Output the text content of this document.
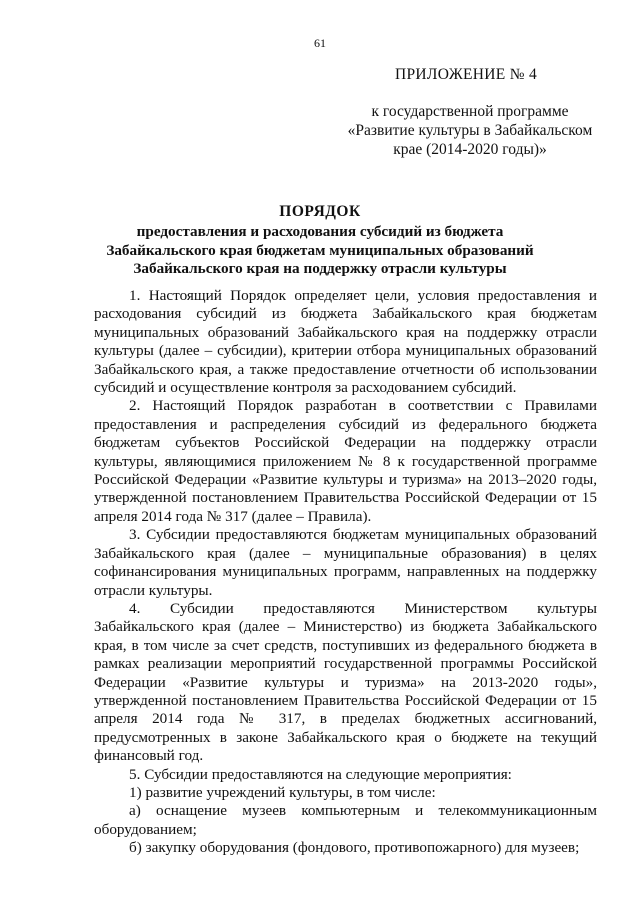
61
ПРИЛОЖЕНИЕ № 4
к государственной программе
«Развитие культуры в Забайкальском
крае (2014-2020 годы)»
ПОРЯДОК
предоставления и расходования субсидий из бюджета Забайкальского края бюджетам муниципальных образований Забайкальского края на поддержку отрасли культуры

1. Настоящий Порядок определяет цели, условия предоставления и расходования субсидий из бюджета Забайкальского края бюджетам муниципальных образований Забайкальского края на поддержку отрасли культуры (далее – субсидии), критерии отбора муниципальных образований Забайкальского края, а также предоставление отчетности об использовании субсидий и осуществление контроля за расходованием субсидий.

2. Настоящий Порядок разработан в соответствии с Правилами предоставления и распределения субсидий из федерального бюджета бюджетам субъектов Российской Федерации на поддержку отрасли культуры, являющимися приложением № 8 к государственной программе Российской Федерации «Развитие культуры и туризма» на 2013–2020 годы, утвержденной постановлением Правительства Российской Федерации от 15 апреля 2014 года № 317 (далее – Правила).

3. Субсидии предоставляются бюджетам муниципальных образований Забайкальского края (далее – муниципальные образования) в целях софинансирования муниципальных программ, направленных на поддержку отрасли культуры.

4. Субсидии предоставляются Министерством культуры Забайкальского края (далее – Министерство) из бюджета Забайкальского края, в том числе за счет средств, поступивших из федерального бюджета в рамках реализации мероприятий государственной программы Российской Федерации «Развитие культуры и туризма» на 2013-2020 годы», утвержденной постановлением Правительства Российской Федерации от 15 апреля 2014 года № 317, в пределах бюджетных ассигнований, предусмотренных в законе Забайкальского края о бюджете на текущий финансовый год.

5. Субсидии предоставляются на следующие мероприятия:

1) развитие учреждений культуры, в том числе:

а) оснащение музеев компьютерным и телекоммуникационным оборудованием;

б) закупку оборудования (фондового, противопожарного) для музеев;
